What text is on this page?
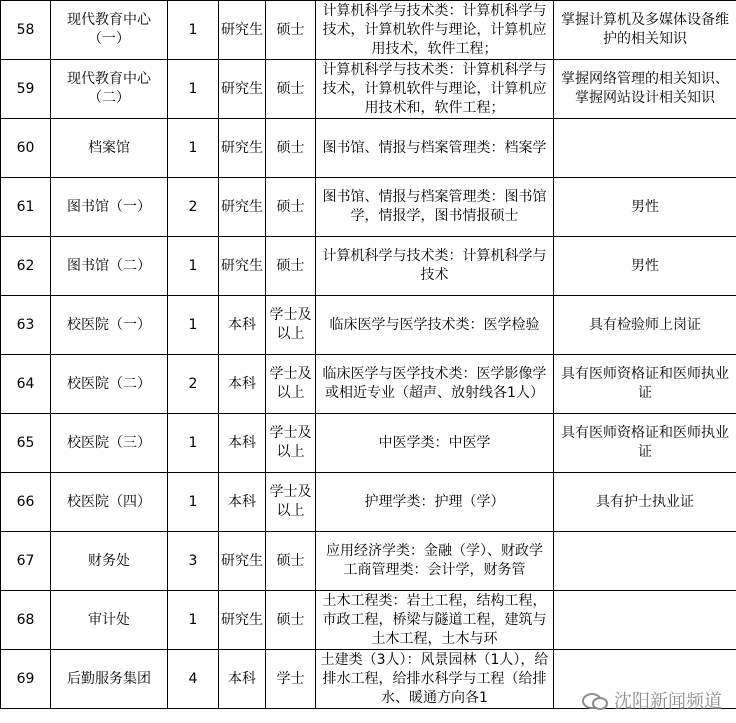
58	现代教育中心（一）	1	研究生	硕士	计算机科学与技术类：计算机科学与技术，计算机软件与理论，计算机应用技术，软件工程；	掌握计算机及多媒体设备维护的相关知识

59	现代教育中心（二）	1	研究生	硕士	计算机科学与技术类：计算机科学与技术，计算机软件与理论，计算机应用技术和，软件工程；	掌握网络管理的相关知识、掌握网站设计相关知识

60	档案馆	1	研究生	硕士	图书馆、情报与档案管理类：档案学	

61	图书馆（一）	2	研究生	硕士	图书馆、情报与档案管理类：图书馆学，情报学，图书情报硕士	男性

62	图书馆（二）	1	研究生	硕士	计算机科学与技术类：计算机科学与技术	男性

63	校医院（一）	1	本科	学士及以上	临床医学与医学技术类：医学检验	具有检验师上岗证

64	校医院（二）	2	本科	学士及以上	临床医学与医学技术类：医学影像学或相近专业（超声、放射线各1人）	具有医师资格证和医师执业证

65	校医院（三）	1	本科	学士及以上	中医学类：中医学	具有医师资格证和医师执业证

66	校医院（四）	1	本科	学士及以上	护理学类：护理（学）	具有护士执业证

67	财务处	3	研究生	硕士	应用经济学类：金融（学）、财政学 工商管理类：会计学，财务管	

68	审计处	1	研究生	硕士	土木工程类：岩土工程，结构工程，市政工程，桥梁与隧道工程，建筑与土木工程，土木与环	

69	后勤服务集团	4	本科	学士	土建类（3人）：风景园林（1人），给排水工程，给排水科学与工程（给排水、暖通方向各1	
		沈阳新闻频道
